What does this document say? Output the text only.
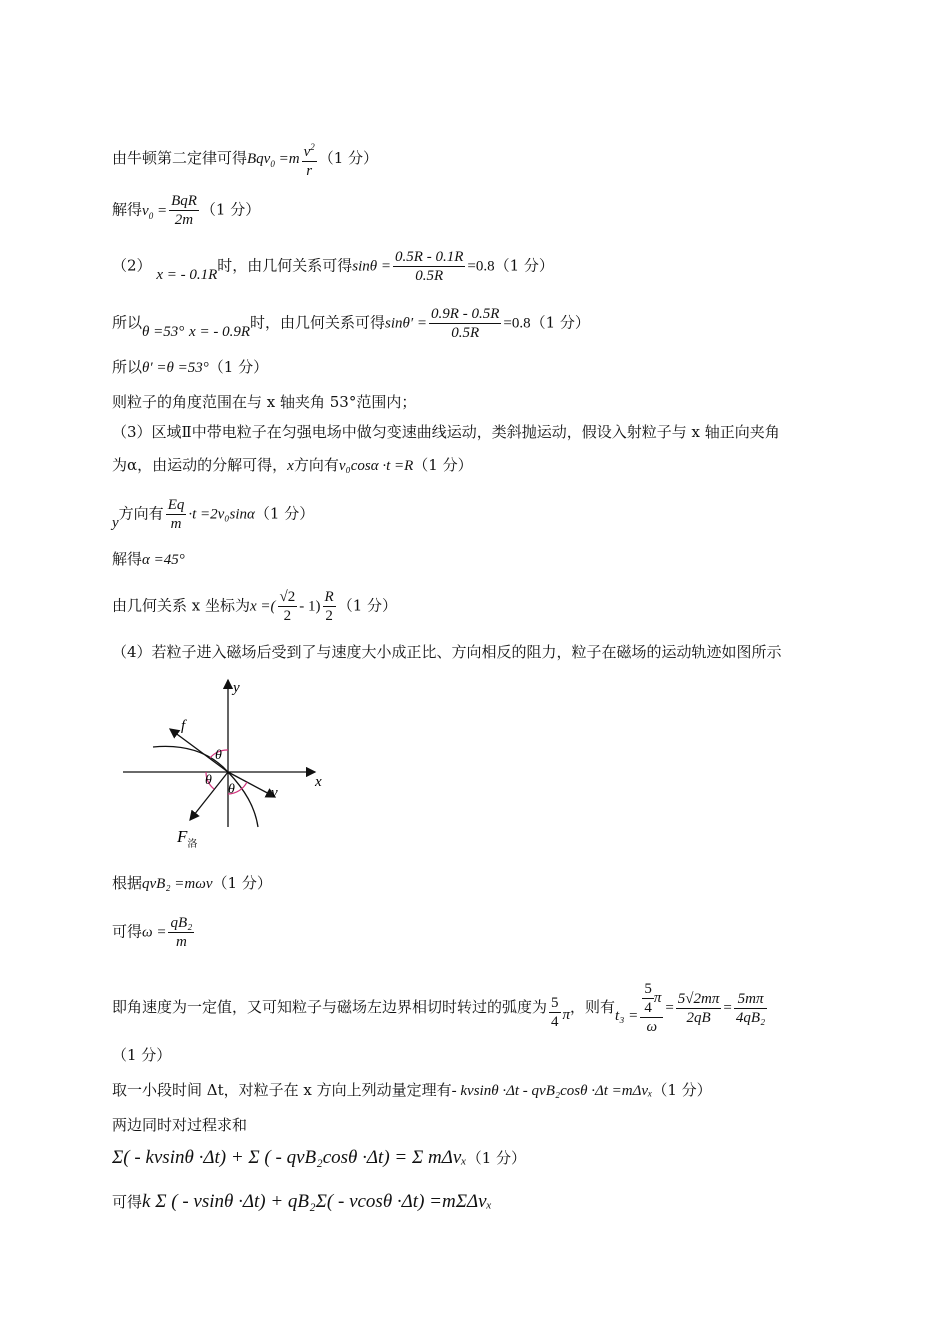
由牛顿第二定律可得$Bqv_0 =m \frac{v^2}{r} (1$ 分）
解得$v_0 = \frac{\text{BqR}}{2m} (1$ 分）
（2） x = - 0.1R时，由几何关系可得$\sin\theta = \frac{0.5R - 0.1R}{0.5R} =0.8(1$ 分）
所以θ =53° x = - 0.9R时，由几何关系可得$\sin\theta' = \frac{0.9R - 0.5R}{0.5R} =0.8(1$ 分）
所以θ′ =θ =53°（1 分）
则粒子的角度范围在与 x 轴夹角 53°范围内；
（3）区域Ⅱ中带电粒子在匀强电场中做匀变速曲线运动，类斜抛运动，假设入射粒子与 x 轴正向夹角
为α，由运动的分解可得，x方向有v₀cosα ·t =R（1 分）
y方向有 $\frac{Eq}{m} \cdot t =2v_0\sin\alpha(1$ 分）
解得α =45°
由几何关系 x 坐标为x =( $\frac{√2}{2} - 1) \frac{R}{2} (1$ 分）
（4）若粒子进入磁场后受到了与速度大小成正比、方向相反的阻力，粒子在磁场的运动轨迹如图所示
y
x
f
v
$F_洛$
θ
θ
θ
根据qvB₂ =mωv（1 分）
可得$\omega = \frac{\text{qB₂}}{m}$
即角速度为一定值，又可知粒子与磁场左边界相切时转过的弧度为 $\frac{5}{4}$ π，则有$t_3 = \frac{\frac{5}{4} \pi}{\omega} = \frac{5√2m\pi}{2qB} = \frac{5m\pi}{\text{4qB₂}}$
（1 分）
取一小段时间 Δt，对粒子在 x 方向上列动量定理有- kvsinθ ·Δt - qvB₂cosθ ·Δt =mΔvₓ（1 分）
两边同时对过程求和
Σ( - kvsinθ ·Δt) + Σ ( - qvB₂cosθ ·Δt) = Σ mΔvₓ（1 分）
可得k Σ ( - vsinθ ·Δt) + qB₂Σ( - vcosθ ·Δt) =mΣΔvₓ
